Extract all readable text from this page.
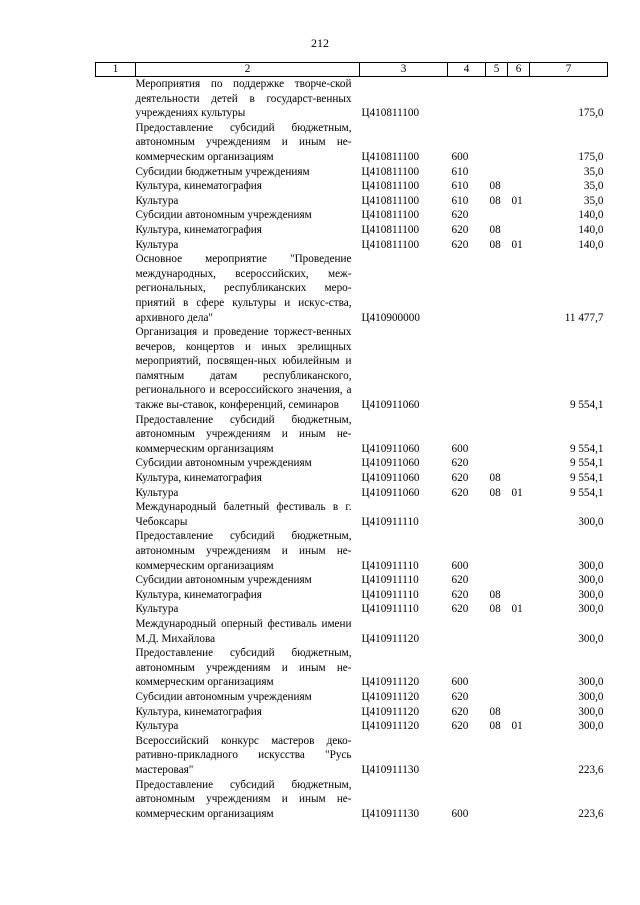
212
1	2	3	4	5	6	7
	Мероприятия по поддержке творче-ской деятельности детей в государст-венных учреждениях культуры	Ц410811100				175,0
	Предоставление субсидий бюджетным, автономным учреждениям и иным не-коммерческим организациям	Ц410811100	600			175,0
	Субсидии бюджетным учреждениям	Ц410811100	610			35,0
	Культура, кинематография	Ц410811100	610	08		35,0
	Культура	Ц410811100	610	08	01	35,0
	Субсидии автономным учреждениям	Ц410811100	620			140,0
	Культура, кинематография	Ц410811100	620	08		140,0
	Культура	Ц410811100	620	08	01	140,0
	Основное мероприятие "Проведение международных, всероссийских, меж-региональных, республиканских меро-приятий в сфере культуры и искус-ства, архивного дела"	Ц410900000				11 477,7
	Организация и проведение торжест-венных вечеров, концертов и иных зрелищных мероприятий, посвящен-ных юбилейным и памятным датам республиканского, регионального и всероссийского значения, а также вы-ставок, конференций, семинаров	Ц410911060				9 554,1
	Предоставление субсидий бюджетным, автономным учреждениям и иным не-коммерческим организациям	Ц410911060	600			9 554,1
	Субсидии автономным учреждениям	Ц410911060	620			9 554,1
	Культура, кинематография	Ц410911060	620	08		9 554,1
	Культура	Ц410911060	620	08	01	9 554,1
	Международный балетный фестиваль в г. Чебоксары	Ц410911110				300,0
	Предоставление субсидий бюджетным, автономным учреждениям и иным не-коммерческим организациям	Ц410911110	600			300,0
	Субсидии автономным учреждениям	Ц410911110	620			300,0
	Культура, кинематография	Ц410911110	620	08		300,0
	Культура	Ц410911110	620	08	01	300,0
	Международный оперный фестиваль имени М.Д. Михайлова	Ц410911120				300,0
	Предоставление субсидий бюджетным, автономным учреждениям и иным не-коммерческим организациям	Ц410911120	600			300,0
	Субсидии автономным учреждениям	Ц410911120	620			300,0
	Культура, кинематография	Ц410911120	620	08		300,0
	Культура	Ц410911120	620	08	01	300,0
	Всероссийский конкурс мастеров деко-ративно-прикладного искусства "Русь мастеровая"	Ц410911130				223,6
	Предоставление субсидий бюджетным, автономным учреждениям и иным не-коммерческим организациям	Ц410911130	600			223,6
